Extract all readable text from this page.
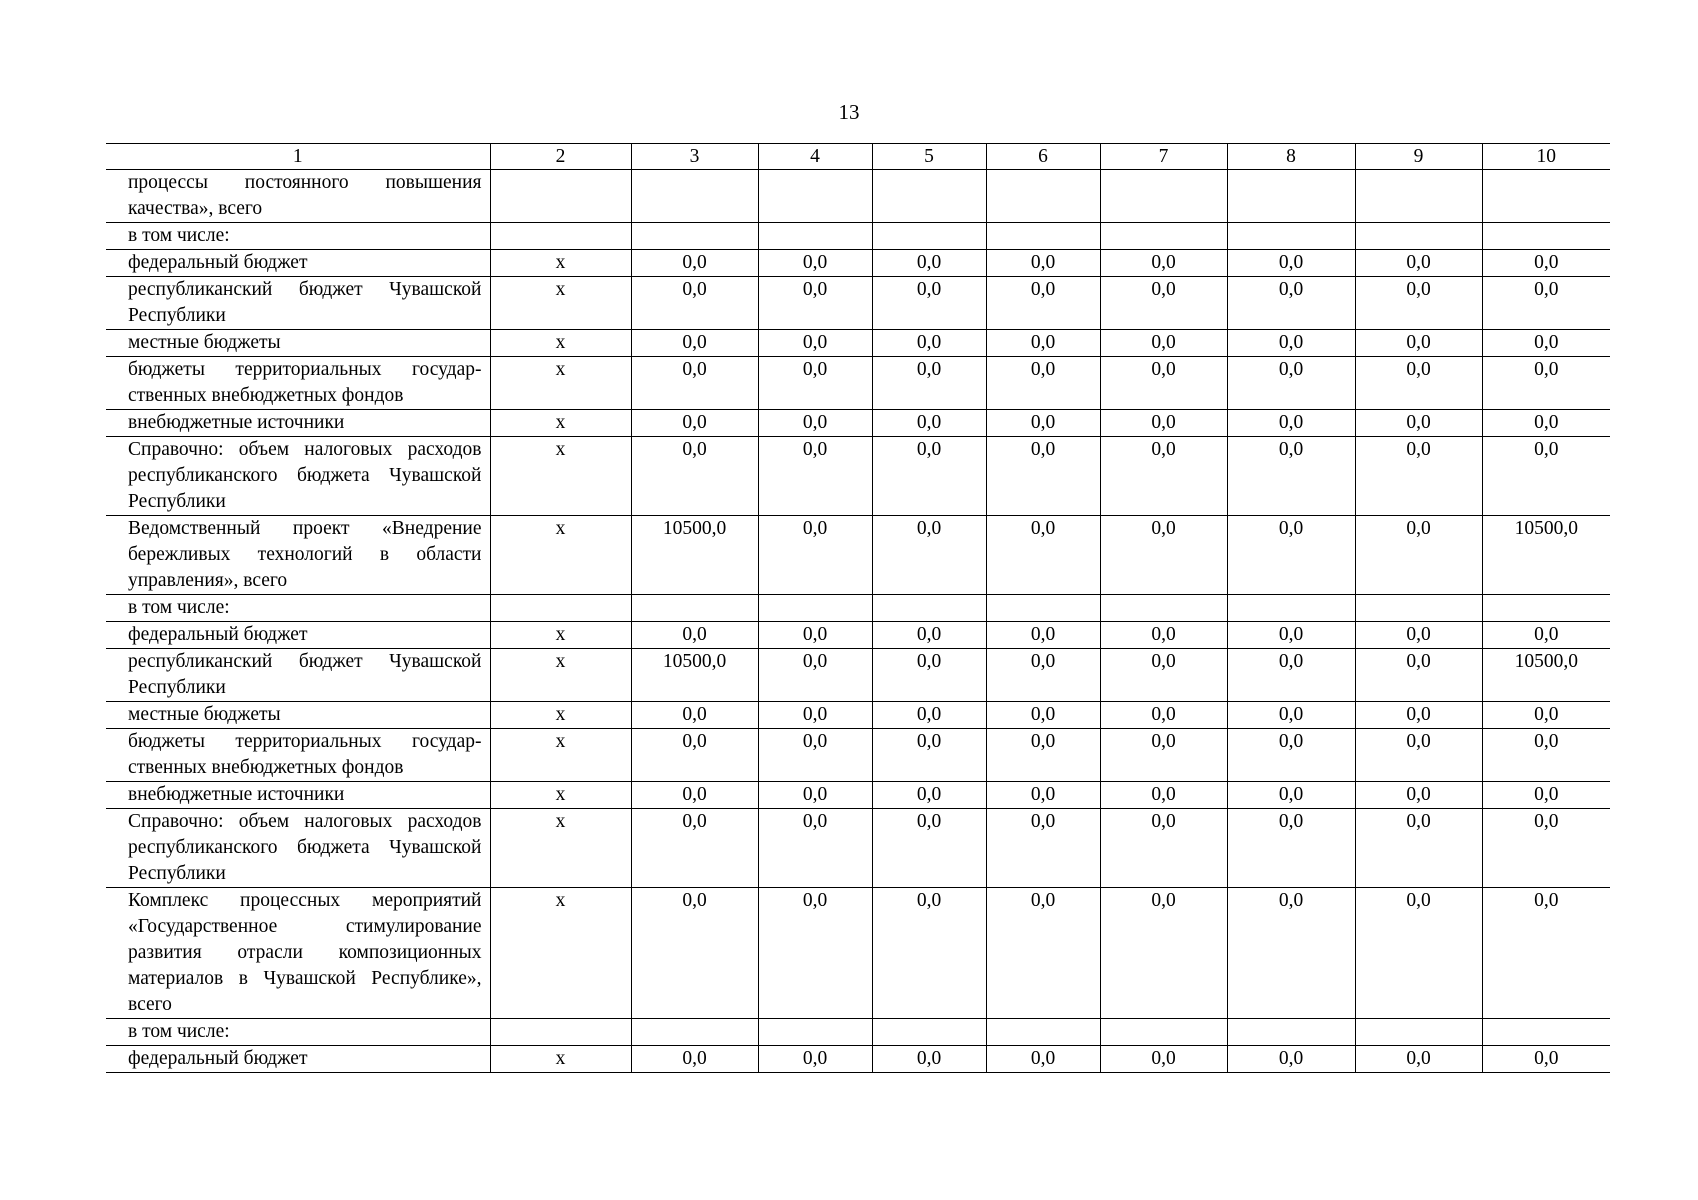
13
1	2	3	4	5	6	7	8	9	10
процессы постоянного повышения качества», всего									
в том числе:									
федеральный бюджет	x	0,0	0,0	0,0	0,0	0,0	0,0	0,0	0,0
республиканский бюджет Чувашской Республики	x	0,0	0,0	0,0	0,0	0,0	0,0	0,0	0,0
местные бюджеты	x	0,0	0,0	0,0	0,0	0,0	0,0	0,0	0,0
бюджеты территориальных государственных внебюджетных фондов	x	0,0	0,0	0,0	0,0	0,0	0,0	0,0	0,0
внебюджетные источники	x	0,0	0,0	0,0	0,0	0,0	0,0	0,0	0,0
Справочно: объем налоговых расходов республиканского бюджета Чувашской Республики	x	0,0	0,0	0,0	0,0	0,0	0,0	0,0	0,0
Ведомственный проект «Внедрение бережливых технологий в области управления», всего	x	10500,0	0,0	0,0	0,0	0,0	0,0	0,0	10500,0
в том числе:									
федеральный бюджет	x	0,0	0,0	0,0	0,0	0,0	0,0	0,0	0,0
республиканский бюджет Чувашской Республики	x	10500,0	0,0	0,0	0,0	0,0	0,0	0,0	10500,0
местные бюджеты	x	0,0	0,0	0,0	0,0	0,0	0,0	0,0	0,0
бюджеты территориальных государственных внебюджетных фондов	x	0,0	0,0	0,0	0,0	0,0	0,0	0,0	0,0
внебюджетные источники	x	0,0	0,0	0,0	0,0	0,0	0,0	0,0	0,0
Справочно: объем налоговых расходов республиканского бюджета Чувашской Республики	x	0,0	0,0	0,0	0,0	0,0	0,0	0,0	0,0
Комплекс процессных мероприятий «Государственное стимулирование развития отрасли композиционных материалов в Чувашской Республике», всего	x	0,0	0,0	0,0	0,0	0,0	0,0	0,0	0,0
в том числе:									
федеральный бюджет	x	0,0	0,0	0,0	0,0	0,0	0,0	0,0	0,0
